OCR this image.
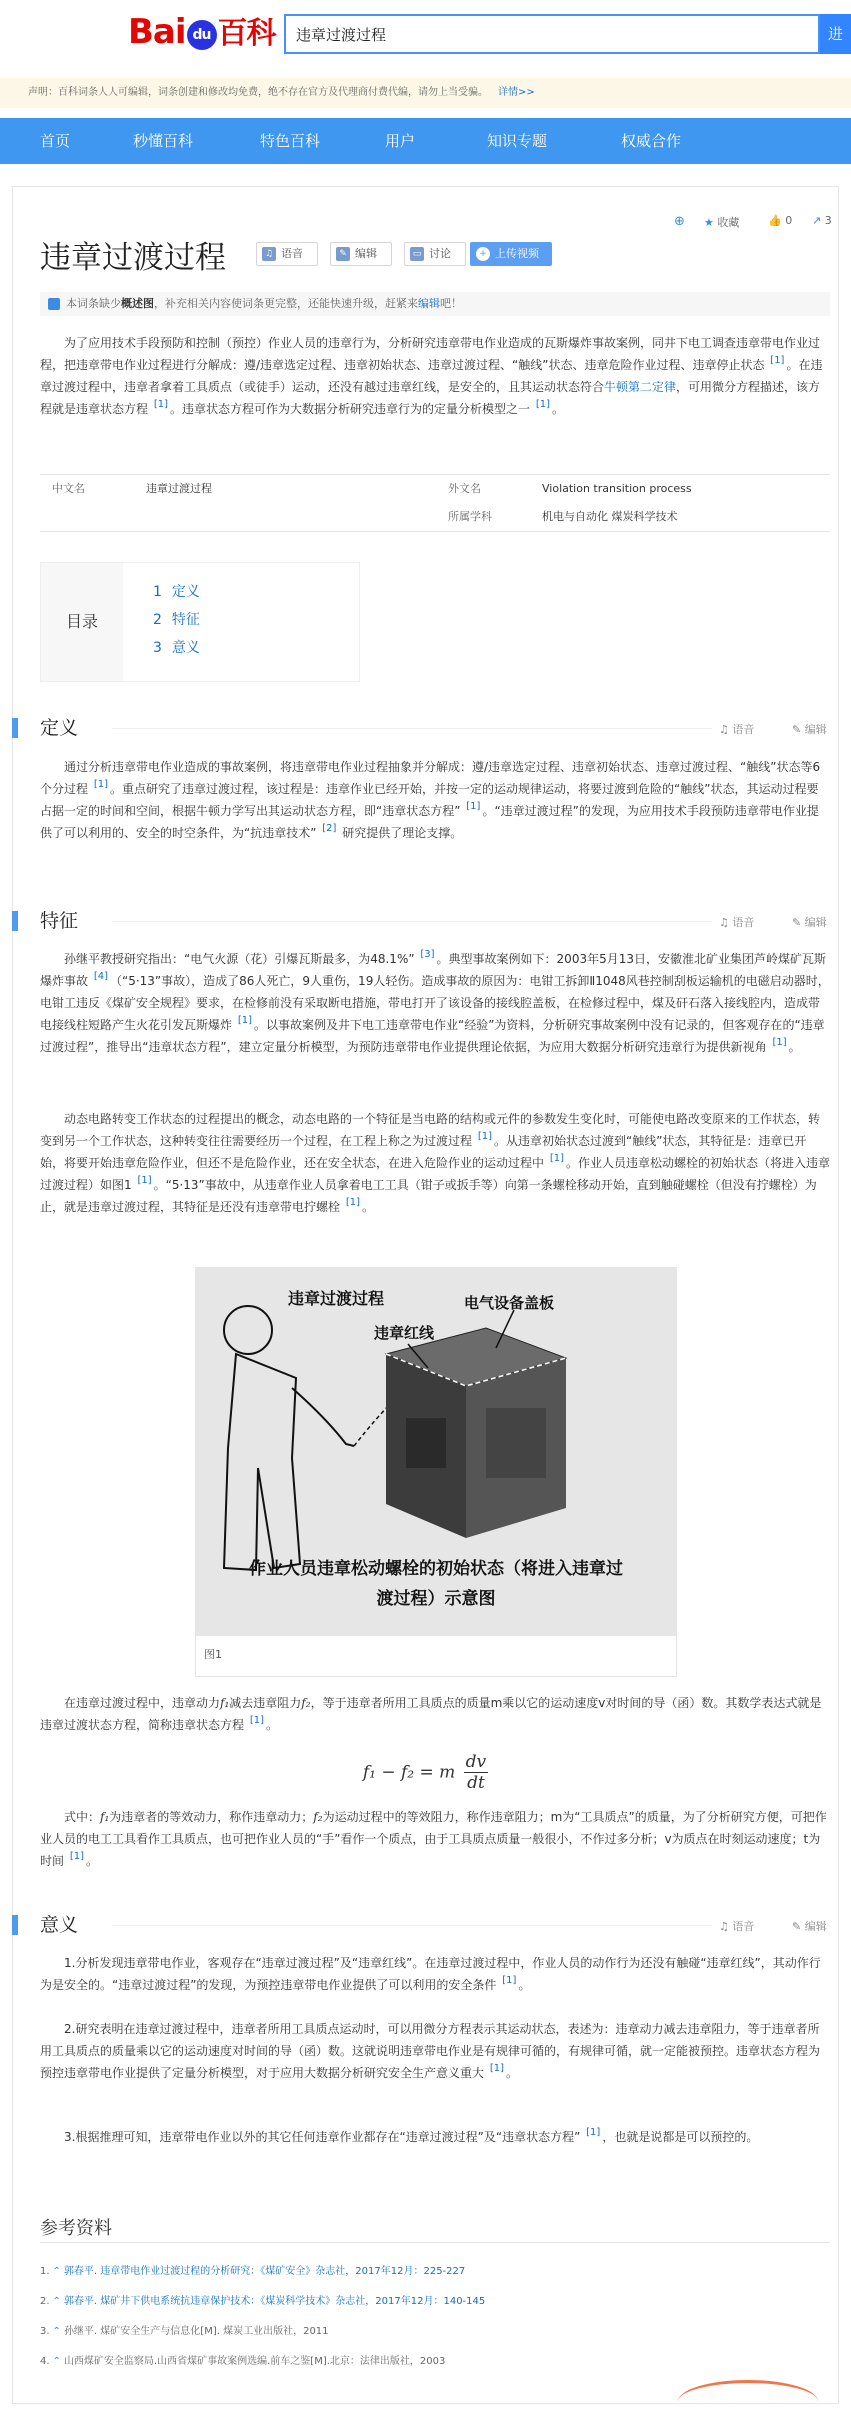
Bai du 百科
违章过渡过程	进
声明：百科词条人人可编辑，词条创建和修改均免费，绝不存在官方及代理商付费代编，请勿上当受骗。 详情>>
首页	秒懂百科	特色百科	用户	知识专题	权威合作
⊕ ★ 收藏	👍 0 ↗ 3
违章过渡过程	♫ 语音	✎ 编辑	▭ 讨论	+ 上传视频
本词条缺少概述图，补充相关内容使词条更完整，还能快速升级，赶紧来编辑吧！

为了应用技术手段预防和控制（预控）作业人员的违章行为，分析研究违章带电作业造成的瓦斯爆炸事故案例，同井下电工调查违章带电作业过程，把违章带电作业过程进行分解成：遵/违章选定过程、违章初始状态、违章过渡过程、“触线”状态、违章危险作业过程、违章停止状态 [1] 。在违章过渡过程中，违章者拿着工具质点（或徒手）运动，还没有越过违章红线，是安全的，且其运动状态符合牛顿第二定律，可用微分方程描述，该方程就是违章状态方程 [1] 。违章状态方程可作为大数据分析研究违章行为的定量分析模型之一 [1] 。

中文名	违章过渡过程	外文名	Violation transition process
所属学科	机电与自动化 煤炭科学技术
目录
1 定义
2 特征
3 意义
定义	♫ 语音	✎ 编辑

通过分析违章带电作业造成的事故案例，将违章带电作业过程抽象并分解成：遵/违章选定过程、违章初始状态、违章过渡过程、“触线”状态等6个分过程 [1] 。重点研究了违章过渡过程，该过程是：违章作业已经开始，并按一定的运动规律运动，将要过渡到危险的“触线”状态，其运动过程要占据一定的时间和空间，根据牛顿力学写出其运动状态方程，即“违章状态方程” [1] 。“违章过渡过程”的发现，为应用技术手段预防违章带电作业提供了可以利用的、安全的时空条件，为“抗违章技术” [2] 研究提供了理论支撑。

特征	♫ 语音	✎ 编辑

孙继平教授研究指出：“电气火源（花）引爆瓦斯最多，为48.1%” [3] 。典型事故案例如下：2003年5月13日，安徽淮北矿业集团芦岭煤矿瓦斯爆炸事故 [4] （“5·13”事故），造成了86人死亡，9人重伤，19人轻伤。造成事故的原因为：电钳工拆卸Ⅱ1048风巷控制刮板运输机的电磁启动器时，电钳工违反《煤矿安全规程》要求，在检修前没有采取断电措施，带电打开了该设备的接线腔盖板，在检修过程中，煤及矸石落入接线腔内，造成带电接线柱短路产生火花引发瓦斯爆炸 [1] 。以事故案例及井下电工违章带电作业“经验”为资料，分析研究事故案例中没有记录的，但客观存在的“违章过渡过程”，推导出“违章状态方程”，建立定量分析模型，为预防违章带电作业提供理论依据，为应用大数据分析研究违章行为提供新视角 [1] 。

动态电路转变工作状态的过程提出的概念，动态电路的一个特征是当电路的结构或元件的参数发生变化时，可能使电路改变原来的工作状态，转变到另一个工作状态，这种转变往往需要经历一个过程，在工程上称之为过渡过程 [1] 。从违章初始状态过渡到“触线”状态，其特征是：违章已开始，将要开始违章危险作业，但还不是危险作业，还在安全状态，在进入危险作业的运动过程中 [1] 。作业人员违章松动螺栓的初始状态（将进入违章过渡过程）如图1 [1] 。“5·13”事故中，从违章作业人员拿着电工工具（钳子或扳手等）向第一条螺栓移动开始，直到触碰螺栓（但没有拧螺栓）为止，就是违章过渡过程，其特征是还没有违章带电拧螺栓 [1] 。

违章过渡过程
违章红线
电气设备盖板
作业人员违章松动螺栓的初始状态（将进入违章过
渡过程）示意图
图1

在违章过渡过程中，违章动力f₁减去违章阻力f₂，等于违章者所用工具质点的质量m乘以它的运动速度v对时间的导（函）数。其数学表达式就是违章过渡状态方程，简称违章状态方程 [1] 。

f₁ − f₂ = m $\frac{dv}{dt}$

式中：f₁为违章者的等效动力，称作违章动力；f₂为运动过程中的等效阻力，称作违章阻力；m为“工具质点”的质量，为了分析研究方便，可把作业人员的电工工具看作工具质点，也可把作业人员的“手”看作一个质点，由于工具质点质量一般很小，不作过多分析；v为质点在时刻运动速度；t为时间 [1] 。

意义	♫ 语音	✎ 编辑

1.分析发现违章带电作业，客观存在“违章过渡过程”及“违章红线”。在违章过渡过程中，作业人员的动作行为还没有触碰“违章红线”，其动作行为是安全的。“违章过渡过程”的发现，为预控违章带电作业提供了可以利用的安全条件 [1] 。

2.研究表明在违章过渡过程中，违章者所用工具质点运动时，可以用微分方程表示其运动状态，表述为：违章动力减去违章阻力，等于违章者所用工具质点的质量乘以它的运动速度对时间的导（函）数。这就说明违章带电作业是有规律可循的，有规律可循，就一定能被预控。违章状态方程为预控违章带电作业提供了定量分析模型，对于应用大数据分析研究安全生产意义重大 [1] 。

3.根据推理可知，违章带电作业以外的其它任何违章作业都存在“违章过渡过程”及“违章状态方程” [1] ，也就是说都是可以预控的。

参考资料
1. ⌃ 郭春平. 违章带电作业过渡过程的分析研究：《煤矿安全》杂志社，2017年12月：225-227
2. ⌃ 郭春平. 煤矿井下供电系统抗违章保护技术：《煤炭科学技术》杂志社，2017年12月：140-145
3. ⌃ 孙继平. 煤矿安全生产与信息化[M]. 煤炭工业出版社，2011
4. ⌃ 山西煤矿安全监察局.山西省煤矿事故案例选编.前车之鉴[M].北京：法律出版社，2003
